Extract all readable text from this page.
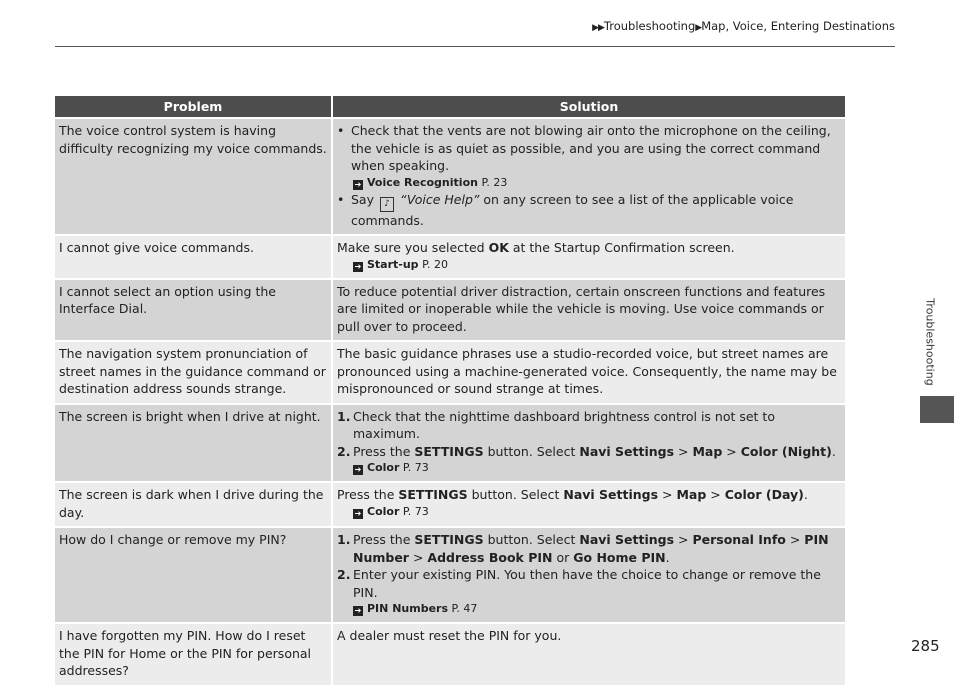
▶▶Troubleshooting▶Map, Voice, Entering Destinations
Problem	Solution
The voice control system is having difficulty recognizing my voice commands.	• Check that the vents are not blowing air onto the microphone on the ceiling, the vehicle is as quiet as possible, and you are using the correct command when speaking.
➔ Voice Recognition P. 23
• Say ♪ “Voice Help” on any screen to see a list of the applicable voice commands.

I cannot give voice commands.	Make sure you selected OK at the Startup Confirmation screen.
➔ Start-up P. 20

I cannot select an option using the Interface Dial.	To reduce potential driver distraction, certain onscreen functions and features are limited or inoperable while the vehicle is moving. Use voice commands or pull over to proceed.
The navigation system pronunciation of street names in the guidance command or destination address sounds strange.	The basic guidance phrases use a studio-recorded voice, but street names are pronounced using a machine-generated voice. Consequently, the name may be mispronounced or sound strange at times.
The screen is bright when I drive at night.	1. Check that the nighttime dashboard brightness control is not set to maximum.
2. Press the SETTINGS button. Select Navi Settings > Map > Color (Night).
➔ Color P. 73

The screen is dark when I drive during the day.	Press the SETTINGS button. Select Navi Settings > Map > Color (Day).
➔ Color P. 73

How do I change or remove my PIN?	1. Press the SETTINGS button. Select Navi Settings > Personal Info > PIN Number > Address Book PIN or Go Home PIN.
2. Enter your existing PIN. You then have the choice to change or remove the PIN.
➔ PIN Numbers P. 47

I have forgotten my PIN. How do I reset the PIN for Home or the PIN for personal addresses?	A dealer must reset the PIN for you.
Troubleshooting
285
